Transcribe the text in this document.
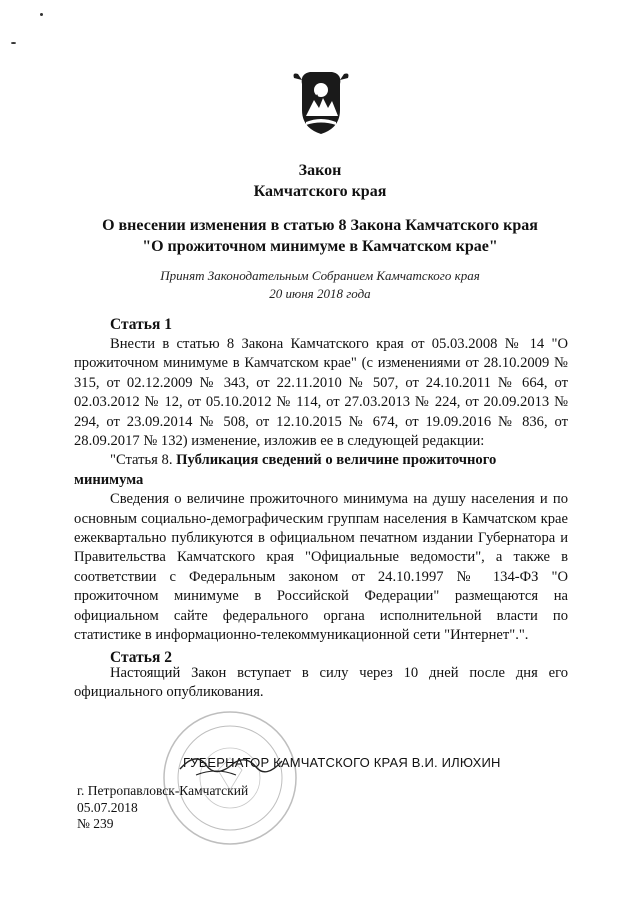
Закон
Камчатского края
О внесении изменения в статью 8 Закона Камчатского края
"О прожиточном минимуме в Камчатском крае"
Принят Законодательным Собранием Камчатского края
20 июня 2018 года
Статья 1

Внести в статью 8 Закона Камчатского края от 05.03.2008 № 14 "О прожиточном минимуме в Камчатском крае" (с изменениями от 28.10.2009 № 315, от 02.12.2009 № 343, от 22.11.2010 № 507, от 24.10.2011 № 664, от 02.03.2012 № 12, от 05.10.2012 № 114, от 27.03.2013 № 224, от 20.09.2013 № 294, от 23.09.2014 № 508, от 12.10.2015 № 674, от 19.09.2016 № 836, от 28.09.2017 № 132) изменение, изложив ее в следующей редакции:

"Статья 8. Публикация сведений о величине прожиточного минимума

Сведения о величине прожиточного минимума на душу населения и по основным социально-демографическим группам населения в Камчатском крае ежеквартально публикуются в официальном печатном издании Губернатора и Правительства Камчатского края "Официальные ведомости", а также в соответствии с Федеральным законом от 24.10.1997 № 134-ФЗ "О прожиточном минимуме в Российской Федерации" размещаются на официальном сайте федерального органа исполнительной власти по статистике в информационно-телекоммуникационной сети "Интернет".".

Статья 2

Настоящий Закон вступает в силу через 10 дней после дня его официального опубликования.

ГУБЕРНАТОР КАМЧАТСКОГО КРАЯ В.И. ИЛЮХИН
г. Петропавловск-Камчатский
05.07.2018
№ 239
